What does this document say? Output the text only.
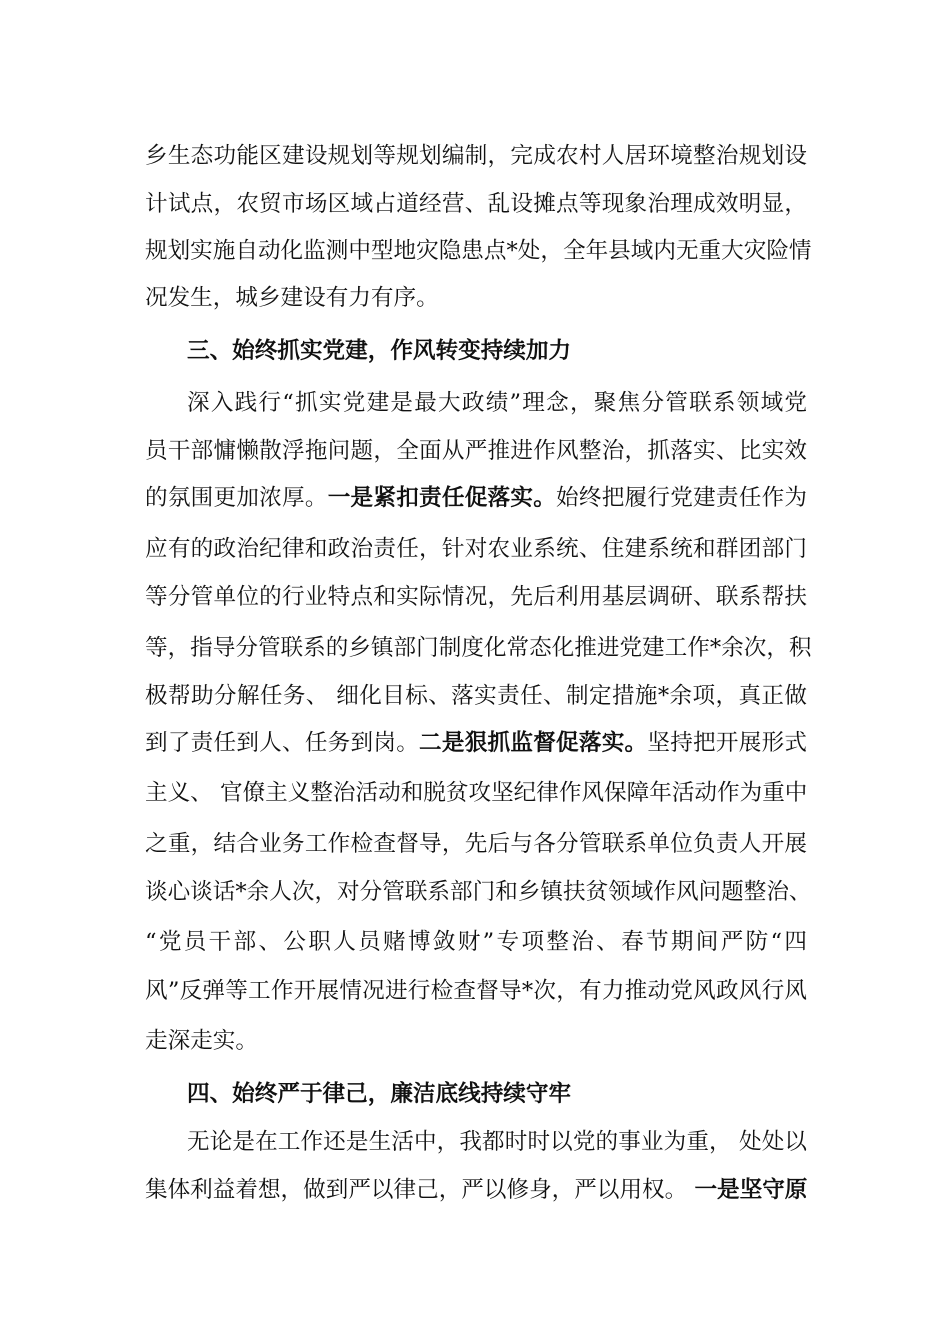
乡生态功能区建设规划等规划编制，完成农村人居环境整治规划设
计试点，农贸市场区域占道经营、乱设摊点等现象治理成效明显，
规划实施自动化监测中型地灾隐患点*处，全年县域内无重大灾险情
况发生，城乡建设有力有序。
三、始终抓实党建，作风转变持续加力
深入践行“抓实党建是最大政绩”理念，聚焦分管联系领域党
员干部慵懒散浮拖问题，全面从严推进作风整治，抓落实、比实效
的氛围更加浓厚。一是紧扣责任促落实。始终把履行党建责任作为
应有的政治纪律和政治责任，针对农业系统、住建系统和群团部门
等分管单位的行业特点和实际情况，先后利用基层调研、联系帮扶
等，指导分管联系的乡镇部门制度化常态化推进党建工作*余次，积
极帮助分解任务、 细化目标、落实责任、制定措施*余项，真正做
到了责任到人、任务到岗。二是狠抓监督促落实。坚持把开展形式
主义、 官僚主义整治活动和脱贫攻坚纪律作风保障年活动作为重中
之重，结合业务工作检查督导，先后与各分管联系单位负责人开展
谈心谈话*余人次，对分管联系部门和乡镇扶贫领域作风问题整治、
“党员干部、公职人员赌博敛财”专项整治、春节期间严防“四
风”反弹等工作开展情况进行检查督导*次，有力推动党风政风行风
走深走实。
四、始终严于律己，廉洁底线持续守牢
无论是在工作还是生活中，我都时时以党的事业为重， 处处以
集体利益着想，做到严以律己，严以修身，严以用权。 一是坚守原
